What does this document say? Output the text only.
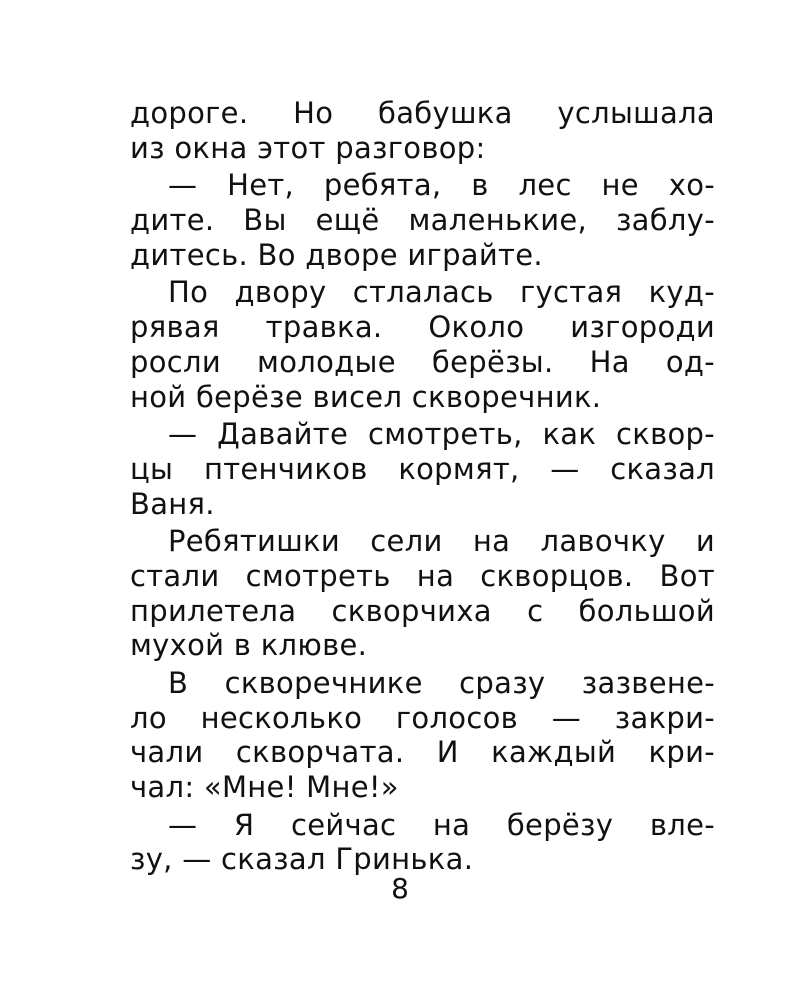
дороге. Но бабушка услышала
из окна этот разговор:
— Нет, ребята, в лес не хо-
дите. Вы ещё маленькие, заблу-
дитесь. Во дворе играйте.
По двору стлалась густая куд-
рявая травка. Около изгороди
росли молодые берёзы. На од-
ной берёзе висел скворечник.
— Давайте смотреть, как сквор-
цы птенчиков кормят, — сказал
Ваня.
Ребятишки сели на лавочку и
стали смотреть на скворцов. Вот
прилетела скворчиха с большой
мухой в клюве.
В скворечнике сразу зазвене-
ло несколько голосов — закри-
чали скворчата. И каждый кри-
чал: «Мне! Мне!»
— Я сейчас на берёзу вле-
зу, — сказал Гринька.
8
